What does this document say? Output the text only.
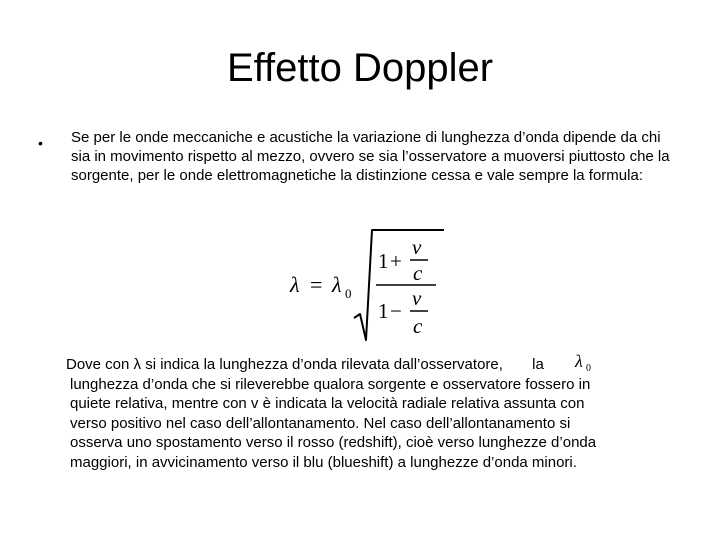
Effetto Doppler
• Se per le onde meccaniche e acustiche la variazione di lunghezza d’onda dipende da chi sia in movimento rispetto al mezzo, ovvero se sia l’osservatore a muoversi piuttosto che la sorgente, per le onde elettromagnetiche la distinzione cessa e vale sempre la formula:
λ = λ 0
1 +
v
c
1 −
v
c
Dove con λ si indica la lunghezza d’onda rilevata dall’osservatore, la λ 0
lunghezza d’onda che si rileverebbe qualora sorgente e osservatore fossero in
quiete relativa, mentre con v è indicata la velocità radiale relativa assunta con
verso positivo nel caso dell’allontanamento. Nel caso dell’allontanamento si
osserva uno spostamento verso il rosso (redshift), cioè verso lunghezze d’onda
maggiori, in avvicinamento verso il blu (blueshift) a lunghezze d’onda minori.
